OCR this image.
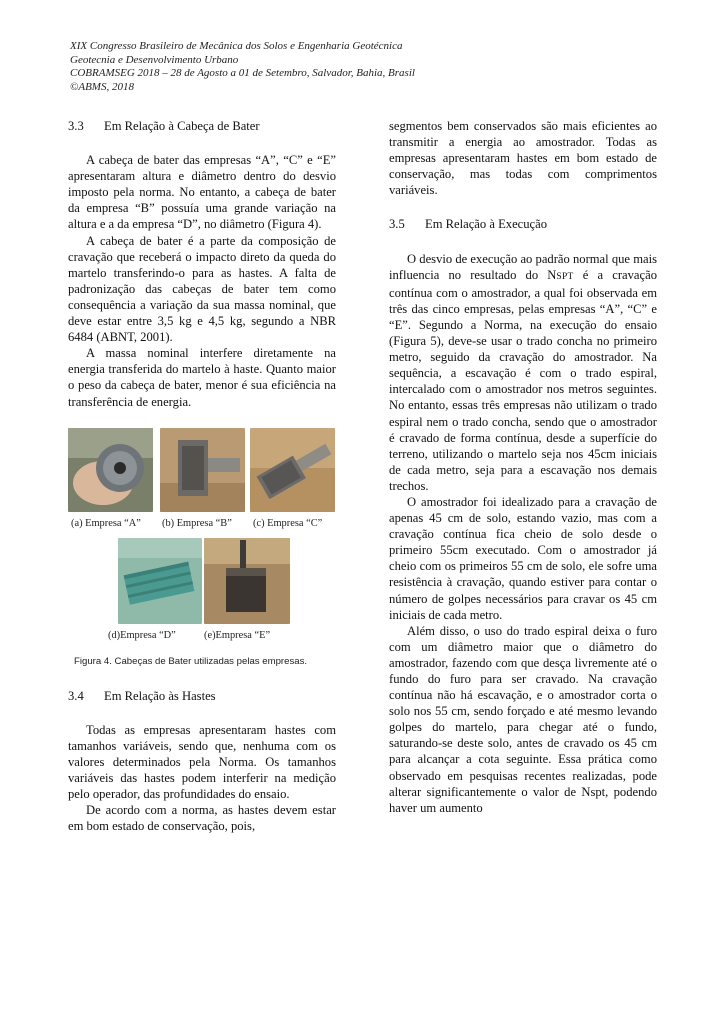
XIX Congresso Brasileiro de Mecânica dos Solos e Engenharia Geotécnica
Geotecnia e Desenvolvimento Urbano
COBRAMSEG 2018 – 28 de Agosto a 01 de Setembro, Salvador, Bahia, Brasil
©ABMS, 2018
3.3 Em Relação à Cabeça de Bater

A cabeça de bater das empresas “A”, “C” e “E” apresentaram altura e diâmetro dentro do desvio imposto pela norma. No entanto, a cabeça de bater da empresa “B” possuía uma grande variação na altura e a da empresa “D”, no diâmetro (Figura 4).

A cabeça de bater é a parte da composição de cravação que receberá o impacto direto da queda do martelo transferindo-o para as hastes. A falta de padronização das cabeças de bater tem como consequência a variação da sua massa nominal, que deve estar entre 3,5 kg e 4,5 kg, segundo a NBR 6484 (ABNT, 2001).

A massa nominal interfere diretamente na energia transferida do martelo à haste. Quanto maior o peso da cabeça de bater, menor é sua eficiência na transferência de energia.

(a) Empresa “A” (b) Empresa “B” (c) Empresa “C”
(d)Empresa “D”	(e)Empresa “E”
Figura 4. Cabeças de Bater utilizadas pelas empresas.
3.4 Em Relação às Hastes

Todas as empresas apresentaram hastes com tamanhos variáveis, sendo que, nenhuma com os valores determinados pela Norma. Os tamanhos variáveis das hastes podem interferir na medição pelo operador, das profundidades do ensaio.

De acordo com a norma, as hastes devem estar em bom estado de conservação, pois,

segmentos bem conservados são mais eficientes ao transmitir a energia ao amostrador. Todas as empresas apresentaram hastes em bom estado de conservação, mas todas com comprimentos variáveis.

3.5 Em Relação à Execução

O desvio de execução ao padrão normal que mais influencia no resultado do NSPT é a cravação contínua com o amostrador, a qual foi observada em três das cinco empresas, pelas empresas “A”, “C” e “E”. Segundo a Norma, na execução do ensaio (Figura 5), deve-se usar o trado concha no primeiro metro, seguido da cravação do amostrador. Na sequência, a escavação é com o trado espiral, intercalado com o amostrador nos metros seguintes. No entanto, essas três empresas não utilizam o trado espiral nem o trado concha, sendo que o amostrador é cravado de forma contínua, desde a superfície do terreno, utilizando o martelo seja nos 45cm iniciais de cada metro, seja para a escavação nos demais trechos.

O amostrador foi idealizado para a cravação de apenas 45 cm de solo, estando vazio, mas com a cravação contínua fica cheio de solo desde o primeiro 55cm executado. Com o amostrador já cheio com os primeiros 55 cm de solo, ele sofre uma resistência à cravação, quando estiver para contar o número de golpes necessários para cravar os 45 cm iniciais de cada metro.

Além disso, o uso do trado espiral deixa o furo com um diâmetro maior que o diâmetro do amostrador, fazendo com que desça livremente até o fundo do furo para ser cravado. Na cravação contínua não há escavação, e o amostrador corta o solo nos 55 cm, sendo forçado e até mesmo levando golpes do martelo, para chegar até o fundo, saturando-se deste solo, antes de cravado os 45 cm para alcançar a cota seguinte. Essa prática como observado em pesquisas recentes realizadas, pode alterar significantemente o valor de Nspt, podendo haver um aumento
